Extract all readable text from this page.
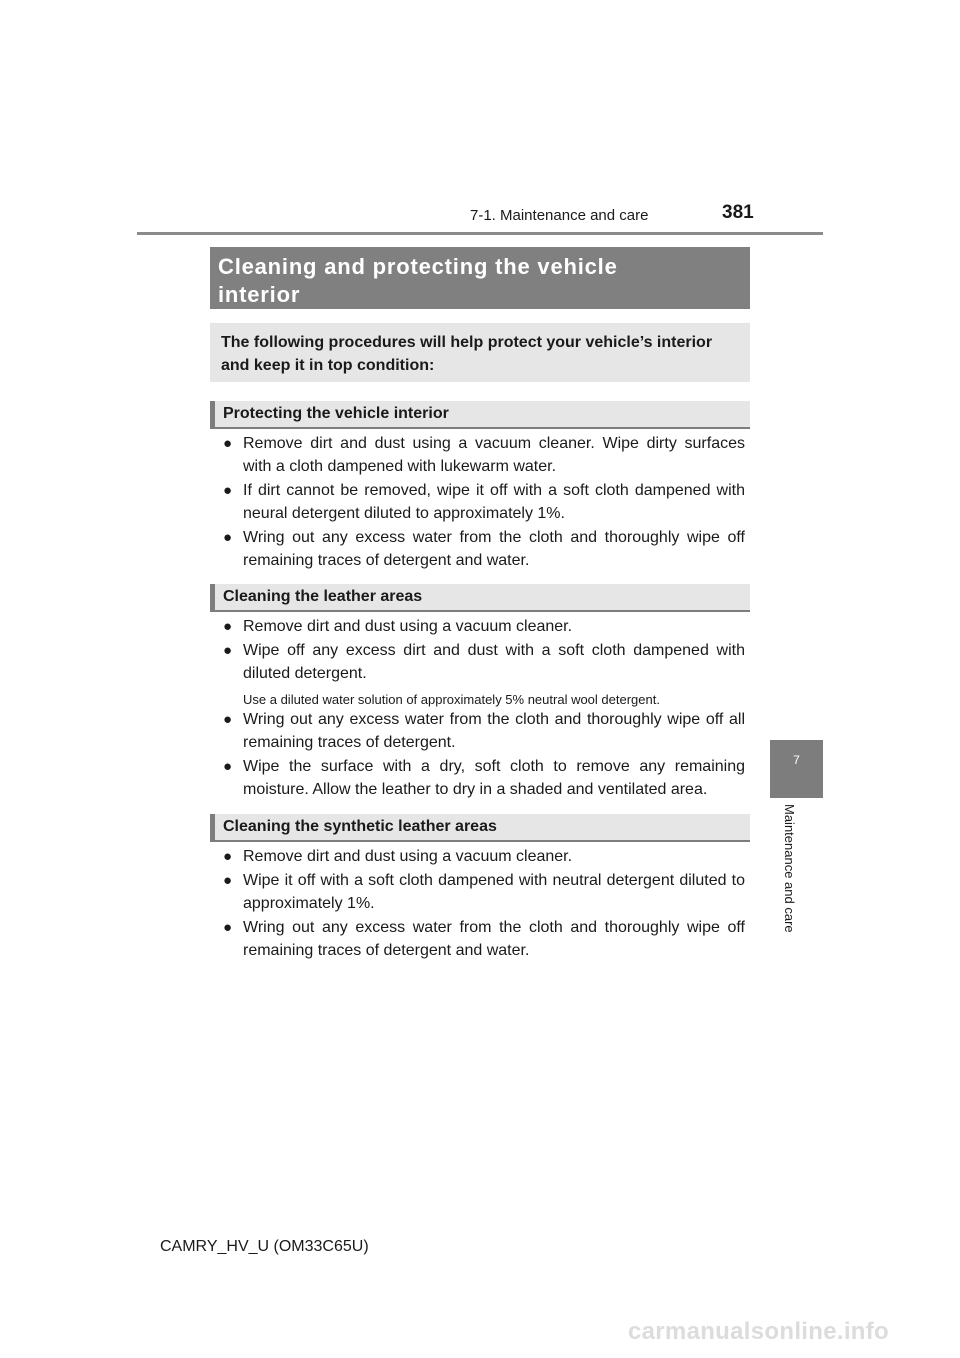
7-1. Maintenance and care	381
7
Maintenance and care
Cleaning and protecting the vehicle
interior
The following procedures will help protect your vehicle’s interior
and keep it in top condition:
Protecting the vehicle interior
● Remove dirt and dust using a vacuum cleaner. Wipe dirty surfaces with a cloth dampened with lukewarm water.
● If dirt cannot be removed, wipe it off with a soft cloth dampened with neural detergent diluted to approximately 1%.
● Wring out any excess water from the cloth and thoroughly wipe off remaining traces of detergent and water.
Cleaning the leather areas
● Remove dirt and dust using a vacuum cleaner.
● Wipe off any excess dirt and dust with a soft cloth dampened with diluted detergent.
Use a diluted water solution of approximately 5% neutral wool detergent.
● Wring out any excess water from the cloth and thoroughly wipe off all remaining traces of detergent.
● Wipe the surface with a dry, soft cloth to remove any remaining moisture. Allow the leather to dry in a shaded and ventilated area.
Cleaning the synthetic leather areas
● Remove dirt and dust using a vacuum cleaner.
● Wipe it off with a soft cloth dampened with neutral detergent diluted to approximately 1%.
● Wring out any excess water from the cloth and thoroughly wipe off remaining traces of detergent and water.
CAMRY_HV_U (OM33C65U)
carmanualsonline.info
